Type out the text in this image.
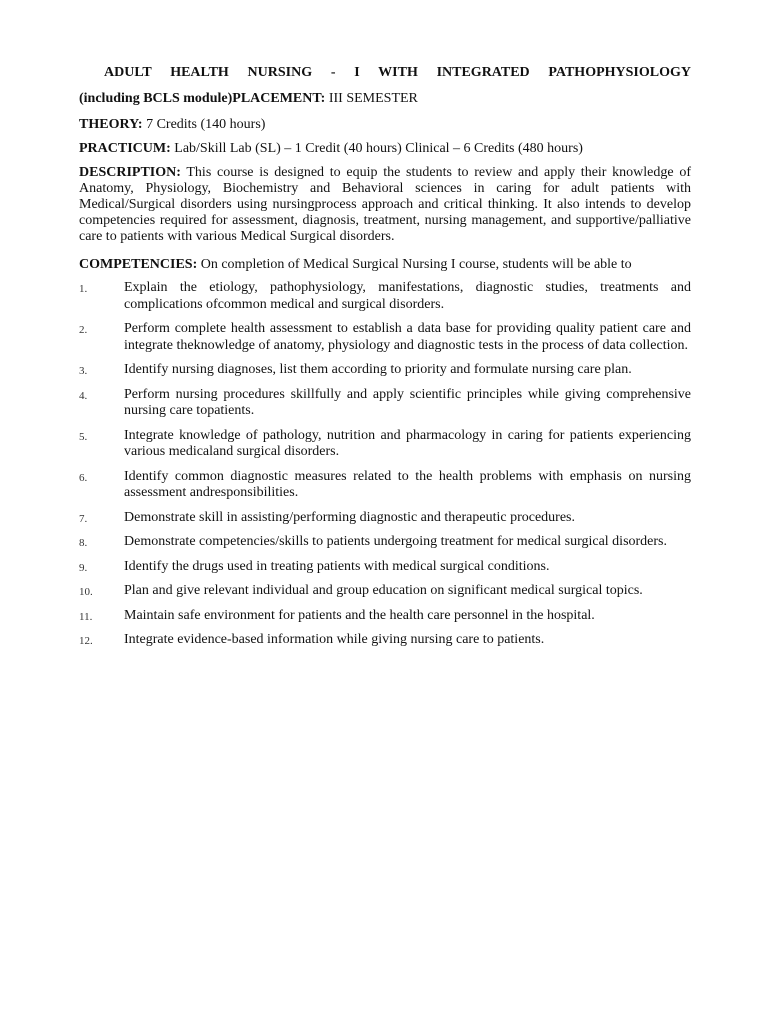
ADULT HEALTH NURSING - I WITH INTEGRATED PATHOPHYSIOLOGY
(including BCLS module)PLACEMENT: III SEMESTER
THEORY: 7 Credits (140 hours)
PRACTICUM: Lab/Skill Lab (SL) – 1 Credit (40 hours) Clinical – 6 Credits (480 hours)
DESCRIPTION: This course is designed to equip the students to review and apply their knowledge of Anatomy, Physiology, Biochemistry and Behavioral sciences in caring for adult patients with Medical/Surgical disorders using nursingprocess approach and critical thinking. It also intends to develop competencies required for assessment, diagnosis, treatment, nursing management, and supportive/palliative care to patients with various Medical Surgical disorders.
COMPETENCIES: On completion of Medical Surgical Nursing I course, students will be able to
1.	Explain the etiology, pathophysiology, manifestations, diagnostic studies, treatments and complications ofcommon medical and surgical disorders.
2.	Perform complete health assessment to establish a data base for providing quality patient care and integrate theknowledge of anatomy, physiology and diagnostic tests in the process of data collection.
3.	Identify nursing diagnoses, list them according to priority and formulate nursing care plan.
4.	Perform nursing procedures skillfully and apply scientific principles while giving comprehensive nursing care topatients.
5.	Integrate knowledge of pathology, nutrition and pharmacology in caring for patients experiencing various medicaland surgical disorders.
6.	Identify common diagnostic measures related to the health problems with emphasis on nursing assessment andresponsibilities.
7.	Demonstrate skill in assisting/performing diagnostic and therapeutic procedures.
8.	Demonstrate competencies/skills to patients undergoing treatment for medical surgical disorders.
9.	Identify the drugs used in treating patients with medical surgical conditions.
10. Plan and give relevant individual and group education on significant medical surgical topics.
11. Maintain safe environment for patients and the health care personnel in the hospital.
12. Integrate evidence-based information while giving nursing care to patients.
